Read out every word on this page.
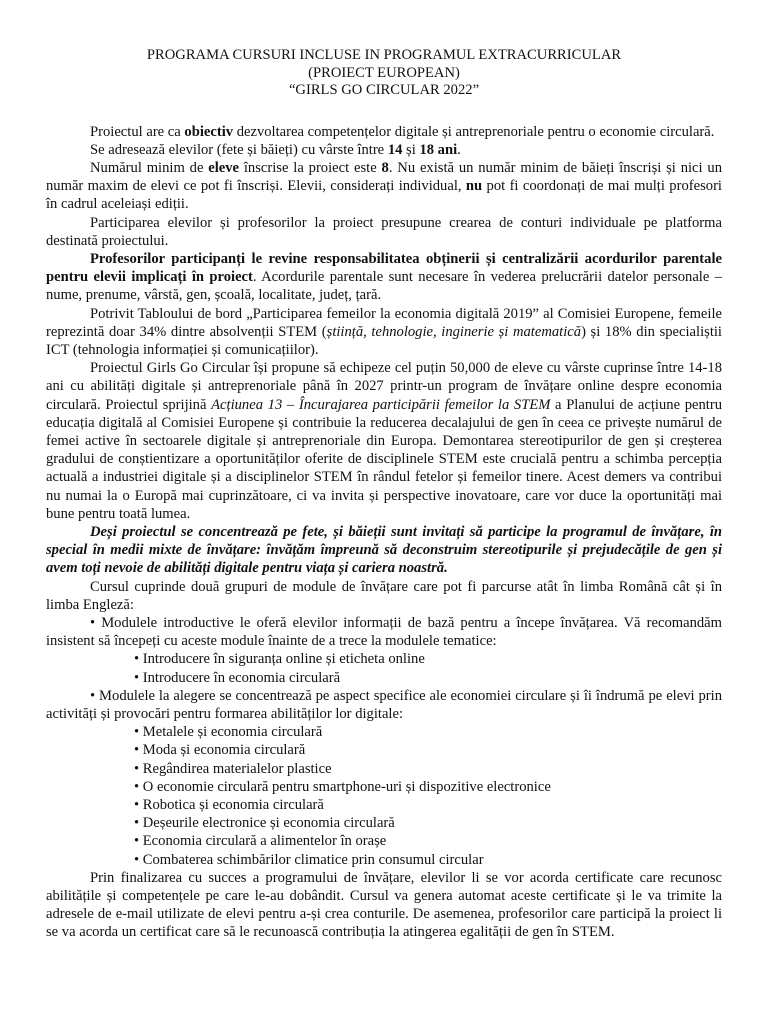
PROGRAMA CURSURI INCLUSE IN PROGRAMUL EXTRACURRICULAR
(PROIECT EUROPEAN)
“GIRLS GO CIRCULAR 2022”

Proiectul are ca obiectiv dezvoltarea competențelor digitale și antreprenoriale pentru o economie circulară.

Se adresează elevilor (fete și băieți) cu vârste între 14 și 18 ani.

Numărul minim de eleve înscrise la proiect este 8. Nu există un număr minim de băieți înscriși și nici un număr maxim de elevi ce pot fi înscriși. Elevii, considerați individual, nu pot fi coordonați de mai mulți profesori în cadrul aceleiași ediții.

Participarea elevilor și profesorilor la proiect presupune crearea de conturi individuale pe platforma destinată proiectului.

Profesorilor participanți le revine responsabilitatea obținerii și centralizării acordurilor parentale pentru elevii implicați în proiect. Acordurile parentale sunt necesare în vederea prelucrării datelor personale – nume, prenume, vârstă, gen, școală, localitate, județ, țară.

Potrivit Tabloului de bord „Participarea femeilor la economia digitală 2019” al Comisiei Europene, femeile reprezintă doar 34% dintre absolvenții STEM (știință, tehnologie, inginerie și matematică) și 18% din specialiștii ICT (tehnologia informației și comunicațiilor).

Proiectul Girls Go Circular își propune să echipeze cel puțin 50,000 de eleve cu vârste cuprinse între 14-18 ani cu abilități digitale și antreprenoriale până în 2027 printr-un program de învățare online despre economia circulară. Proiectul sprijină Acțiunea 13 – Încurajarea participării femeilor la STEM a Planului de acțiune pentru educația digitală al Comisiei Europene și contribuie la reducerea decalajului de gen în ceea ce privește numărul de femei active în sectoarele digitale și antreprenoriale din Europa. Demontarea stereotipurilor de gen și creșterea gradului de conștientizare a oportunităților oferite de disciplinele STEM este crucială pentru a schimba percepția actuală a industriei digitale și a disciplinelor STEM în rândul fetelor și femeilor tinere. Acest demers va contribui nu numai la o Europă mai cuprinzătoare, ci va invita și perspective inovatoare, care vor duce la oportunități mai bune pentru toată lumea.

Deși proiectul se concentrează pe fete, și băieții sunt invitați să participe la programul de învățare, în special în medii mixte de învățare: învățăm împreună să deconstruim stereotipurile și prejudecățile de gen și avem toți nevoie de abilități digitale pentru viața și cariera noastră.

Cursul cuprinde două grupuri de module de învățare care pot fi parcurse atât în limba Română cât și în limba Engleză:

• Modulele introductive le oferă elevilor informații de bază pentru a începe învățarea. Vă recomandăm insistent să începeți cu aceste module înainte de a trece la modulele tematice:

• Introducere în siguranța online și eticheta online
• Introducere în economia circulară

• Modulele la alegere se concentrează pe aspect specifice ale economiei circulare și îi îndrumă pe elevi prin activități și provocări pentru formarea abilităților lor digitale:

• Metalele și economia circulară
• Moda și economia circulară
• Regândirea materialelor plastice
• O economie circulară pentru smartphone-uri și dispozitive electronice
• Robotica și economia circulară
• Deșeurile electronice și economia circulară
• Economia circulară a alimentelor în orașe
• Combaterea schimbărilor climatice prin consumul circular

Prin finalizarea cu succes a programului de învățare, elevilor li se vor acorda certificate care recunosc abilitățile și competențele pe care le-au dobândit. Cursul va genera automat aceste certificate și le va trimite la adresele de e-mail utilizate de elevi pentru a-și crea conturile. De asemenea, profesorilor care participă la proiect li se va acorda un certificat care să le recunoască contribuția la atingerea egalității de gen în STEM.
